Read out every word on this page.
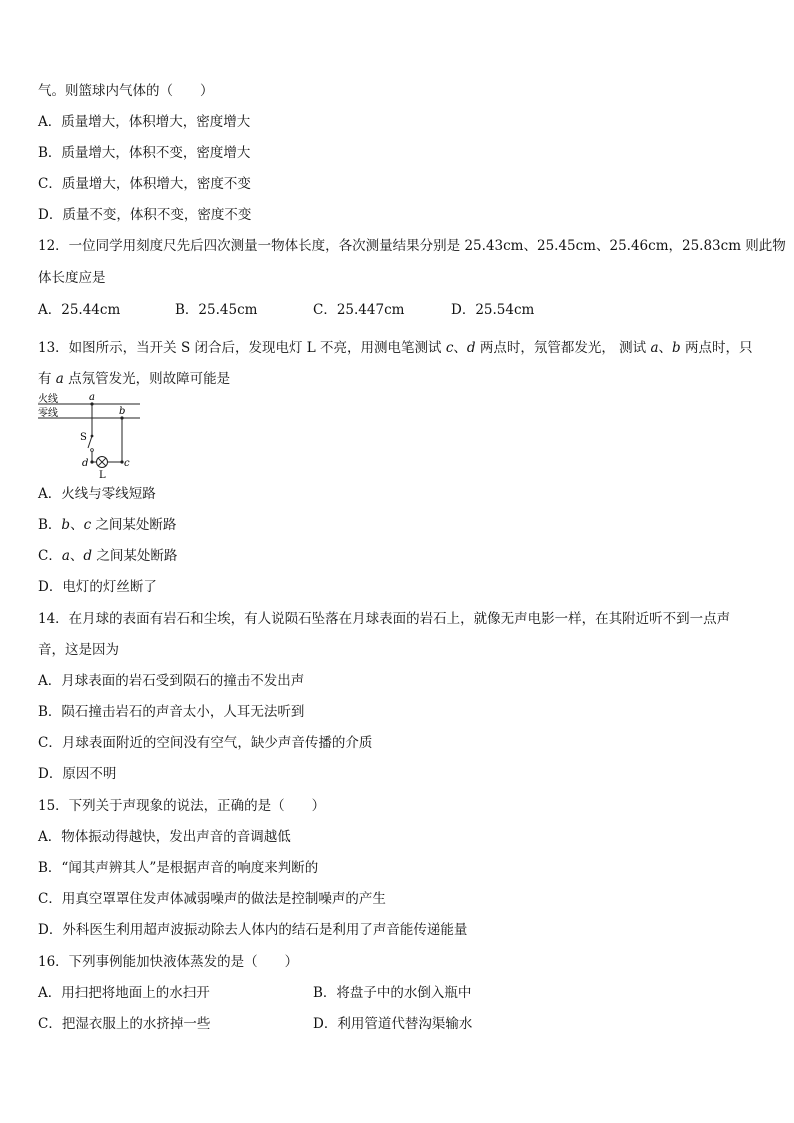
气。则篮球内气体的（　　）
A．质量增大，体积增大，密度增大
B．质量增大，体积不变，密度增大
C．质量增大，体积增大，密度不变
D．质量不变，体积不变，密度不变
12．一位同学用刻度尺先后四次测量一物体长度，各次测量结果分别是 25.43cm、25.45cm、25.46cm，25.83cm 则此物
体长度应是
A．25.44cm	B．25.45cm	C．25.447cm	D．25.54cm
13．如图所示，当开关 S 闭合后，发现电灯 L 不亮，用测电笔测试 c、d 两点时，氖管都发光， 测试 a、b 两点时，只
有 a 点氖管发光，则故障可能是
火线
零线
S
a
b
c
d
L
A．火线与零线短路
B．b、c 之间某处断路
C．a、d 之间某处断路
D．电灯的灯丝断了
14．在月球的表面有岩石和尘埃，有人说陨石坠落在月球表面的岩石上，就像无声电影一样，在其附近听不到一点声
音，这是因为
A．月球表面的岩石受到陨石的撞击不发出声
B．陨石撞击岩石的声音太小，人耳无法听到
C．月球表面附近的空间没有空气，缺少声音传播的介质
D．原因不明
15．下列关于声现象的说法，正确的是（　　）
A．物体振动得越快，发出声音的音调越低
B．“闻其声辨其人”是根据声音的响度来判断的
C．用真空罩罩住发声体减弱噪声的做法是控制噪声的产生
D．外科医生利用超声波振动除去人体内的结石是利用了声音能传递能量
16．下列事例能加快液体蒸发的是（　　）
A．用扫把将地面上的水扫开	B．将盘子中的水倒入瓶中
C．把湿衣服上的水挤掉一些	D．利用管道代替沟渠输水
